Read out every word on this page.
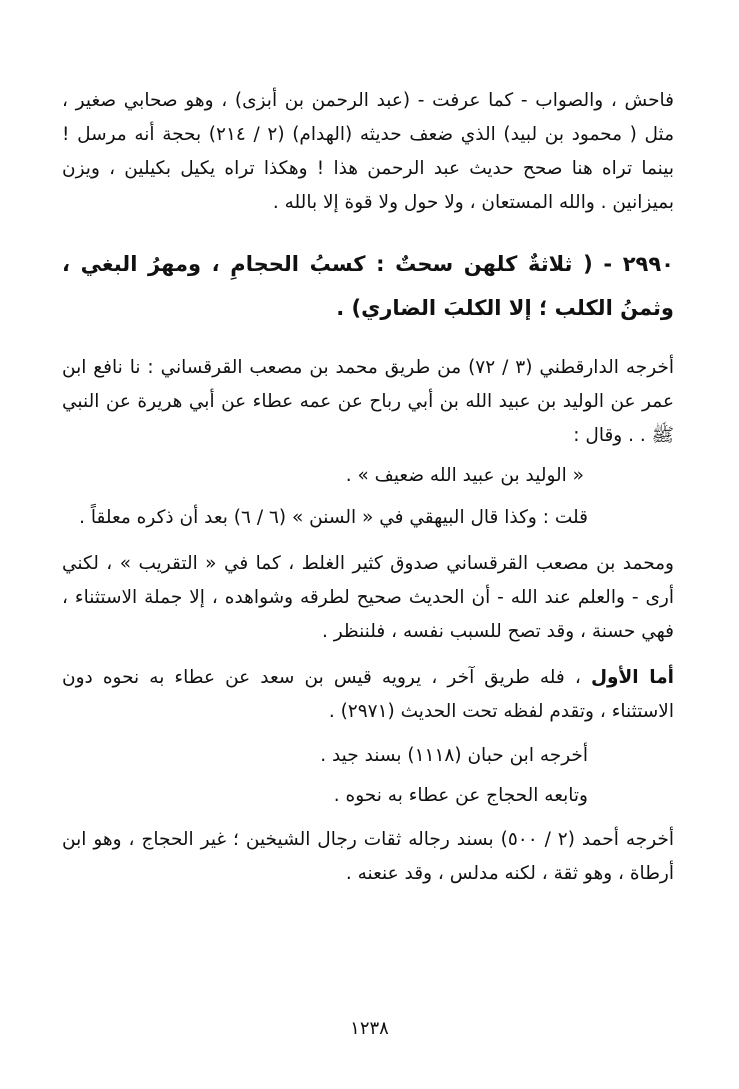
فاحش ، والصواب - كما عرفت - (عبد الرحمن بن أبزى) ، وهو صحابي صغير ، مثل ( محمود بن لبيد) الذي ضعف حديثه (الهدام) (٢ / ٢١٤) بحجة أنه مرسل ! بينما تراه هنا صحح حديث عبد الرحمن هذا ! وهكذا تراه يكيل بكيلين ، ويزن بميزانين . والله المستعان ، ولا حول ولا قوة إلا بالله .

٢٩٩٠ - ( ثلاثةٌ كلهن سحتٌ : كسبُ الحجامِ ، ومهرُ البغي ، وثمنُ الكلب ؛ إلا الكلبَ الضاري) .

أخرجه الدارقطني (٣ / ٧٢) من طريق محمد بن مصعب القرقساني : نا نافع ابن عمر عن الوليد بن عبيد الله بن أبي رباح عن عمه عطاء عن أبي هريرة عن النبي ﷺ . . وقال :

« الوليد بن عبيد الله ضعيف » .

قلت : وكذا قال البيهقي في « السنن » (٦ / ٦) بعد أن ذكره معلقاً .

ومحمد بن مصعب القرقساني صدوق كثير الغلط ، كما في « التقريب » ، لكني أرى - والعلم عند الله - أن الحديث صحيح لطرقه وشواهده ، إلا جملة الاستثناء ، فهي حسنة ، وقد تصح للسبب نفسه ، فلننظر .

أما الأول ، فله طريق آخر ، يرويه قيس بن سعد عن عطاء به نحوه دون الاستثناء ، وتقدم لفظه تحت الحديث (٢٩٧١) .

أخرجه ابن حبان (١١١٨) بسند جيد .

وتابعه الحجاج عن عطاء به نحوه .

أخرجه أحمد (٢ / ٥٠٠) بسند رجاله ثقات رجال الشيخين ؛ غير الحجاج ، وهو ابن أرطاة ، وهو ثقة ، لكنه مدلس ، وقد عنعنه .

١٢٣٨
